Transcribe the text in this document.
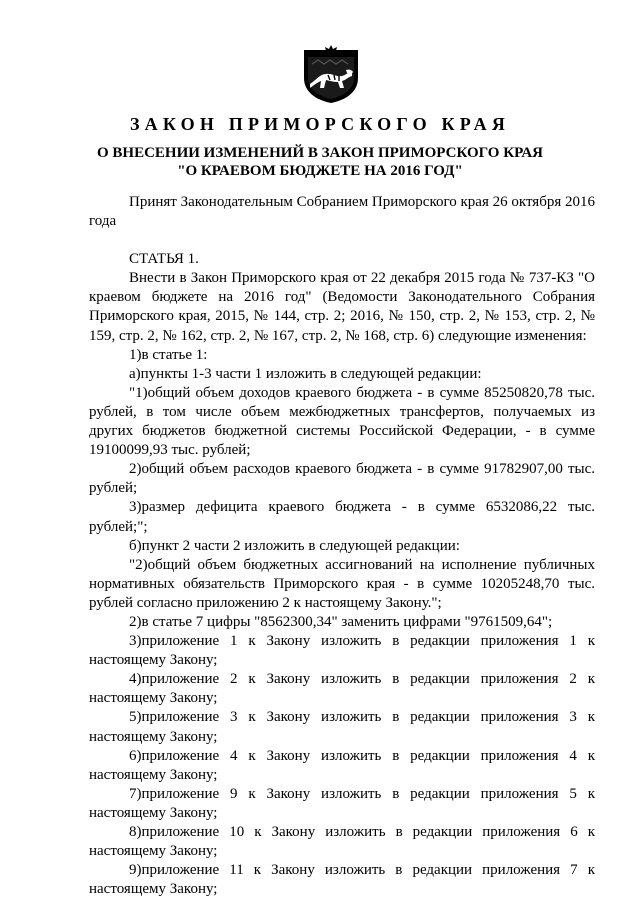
ЗАКОН ПРИМОРСКОГО КРАЯ
О ВНЕСЕНИИ ИЗМЕНЕНИЙ В ЗАКОН ПРИМОРСКОГО КРАЯ
"О КРАЕВОМ БЮДЖЕТЕ НА 2016 ГОД"

Принят Законодательным Собранием Приморского края 26 октября 2016 года

СТАТЬЯ 1.

Внести в Закон Приморского края от 22 декабря 2015 года № 737-КЗ "О краевом бюджете на 2016 год" (Ведомости Законодательного Собрания Приморского края, 2015, № 144, стр. 2; 2016, № 150, стр. 2, № 153, стр. 2, № 159, стр. 2, № 162, стр. 2, № 167, стр. 2, № 168, стр. 6) следующие изменения:

1)в статье 1:

а)пункты 1-3 части 1 изложить в следующей редакции:

"1)общий объем доходов краевого бюджета - в сумме 85250820,78 тыс. рублей, в том числе объем межбюджетных трансфертов, получаемых из других бюджетов бюджетной системы Российской Федерации, - в сумме 19100099,93 тыс. рублей;

2)общий объем расходов краевого бюджета - в сумме 91782907,00 тыс. рублей;

3)размер дефицита краевого бюджета - в сумме 6532086,22 тыс. рублей;";

б)пункт 2 части 2 изложить в следующей редакции:

"2)общий объем бюджетных ассигнований на исполнение публичных нормативных обязательств Приморского края - в сумме 10205248,70 тыс. рублей согласно приложению 2 к настоящему Закону.";

2)в статье 7 цифры "8562300,34" заменить цифрами "9761509,64";

3)приложение 1 к Закону изложить в редакции приложения 1 к настоящему Закону;

4)приложение 2 к Закону изложить в редакции приложения 2 к настоящему Закону;

5)приложение 3 к Закону изложить в редакции приложения 3 к настоящему Закону;

6)приложение 4 к Закону изложить в редакции приложения 4 к настоящему Закону;

7)приложение 9 к Закону изложить в редакции приложения 5 к настоящему Закону;

8)приложение 10 к Закону изложить в редакции приложения 6 к настоящему Закону;

9)приложение 11 к Закону изложить в редакции приложения 7 к настоящему Закону;
